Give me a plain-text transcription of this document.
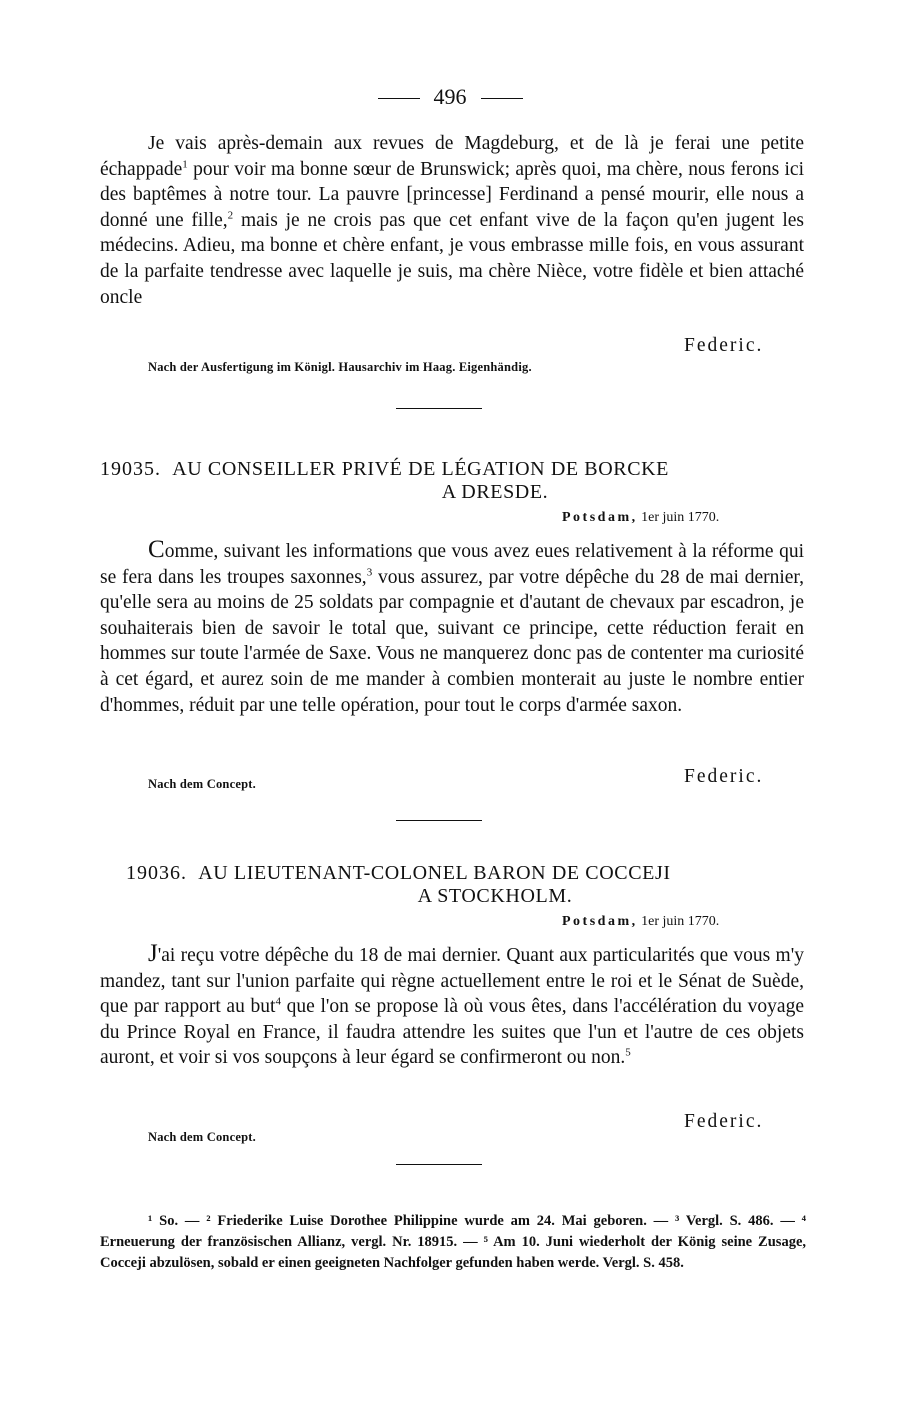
496

Je vais après-demain aux revues de Magdeburg, et de là je ferai une petite échappade$^1$ pour voir ma bonne sœur de Brunswick; après quoi, ma chère, nous ferons ici des baptêmes à notre tour. La pauvre [princesse] Ferdinand a pensé mourir, elle nous a donné une fille,$^2$ mais je ne crois pas que cet enfant vive de la façon qu'en jugent les médecins. Adieu, ma bonne et chère enfant, je vous embrasse mille fois, en vous assurant de la parfaite tendresse avec laquelle je suis, ma chère Nièce, votre fidèle et bien attaché oncle

Federic.
Nach der Ausfertigung im Königl. Hausarchiv im Haag. Eigenhändig.
19035. AU CONSEILLER PRIVÉ DE LÉGATION DE BORCKE
A DRESDE.
Potsdam, 1er juin 1770.

Comme, suivant les informations que vous avez eues relativement à la réforme qui se fera dans les troupes saxonnes,$^3$ vous assurez, par votre dépêche du 28 de mai dernier, qu'elle sera au moins de 25 soldats par compagnie et d'autant de chevaux par escadron, je souhaiterais bien de savoir le total que, suivant ce principe, cette réduction ferait en hommes sur toute l'armée de Saxe. Vous ne manquerez donc pas de contenter ma curiosité à cet égard, et aurez soin de me mander à combien monterait au juste le nombre entier d'hommes, réduit par une telle opération, pour tout le corps d'armée saxon.

Nach dem Concept.	Federic.
19036. AU LIEUTENANT-COLONEL BARON DE COCCEJI
A STOCKHOLM.
Potsdam, 1er juin 1770.

J'ai reçu votre dépêche du 18 de mai dernier. Quant aux particularités que vous m'y mandez, tant sur l'union parfaite qui règne actuellement entre le roi et le Sénat de Suède, que par rapport au but$^4$ que l'on se propose là où vous êtes, dans l'accélération du voyage du Prince Royal en France, il faudra attendre les suites que l'un et l'autre de ces objets auront, et voir si vos soupçons à leur égard se confirmeront ou non.$^5$

Federic.
Nach dem Concept.

¹ So. — ² Friederike Luise Dorothee Philippine wurde am 24. Mai geboren. — ³ Vergl. S. 486. — ⁴ Erneuerung der französischen Allianz, vergl. Nr. 18915. — ⁵ Am 10. Juni wiederholt der König seine Zusage, Cocceji abzulösen, sobald er einen geeigneten Nachfolger gefunden haben werde. Vergl. S. 458.
